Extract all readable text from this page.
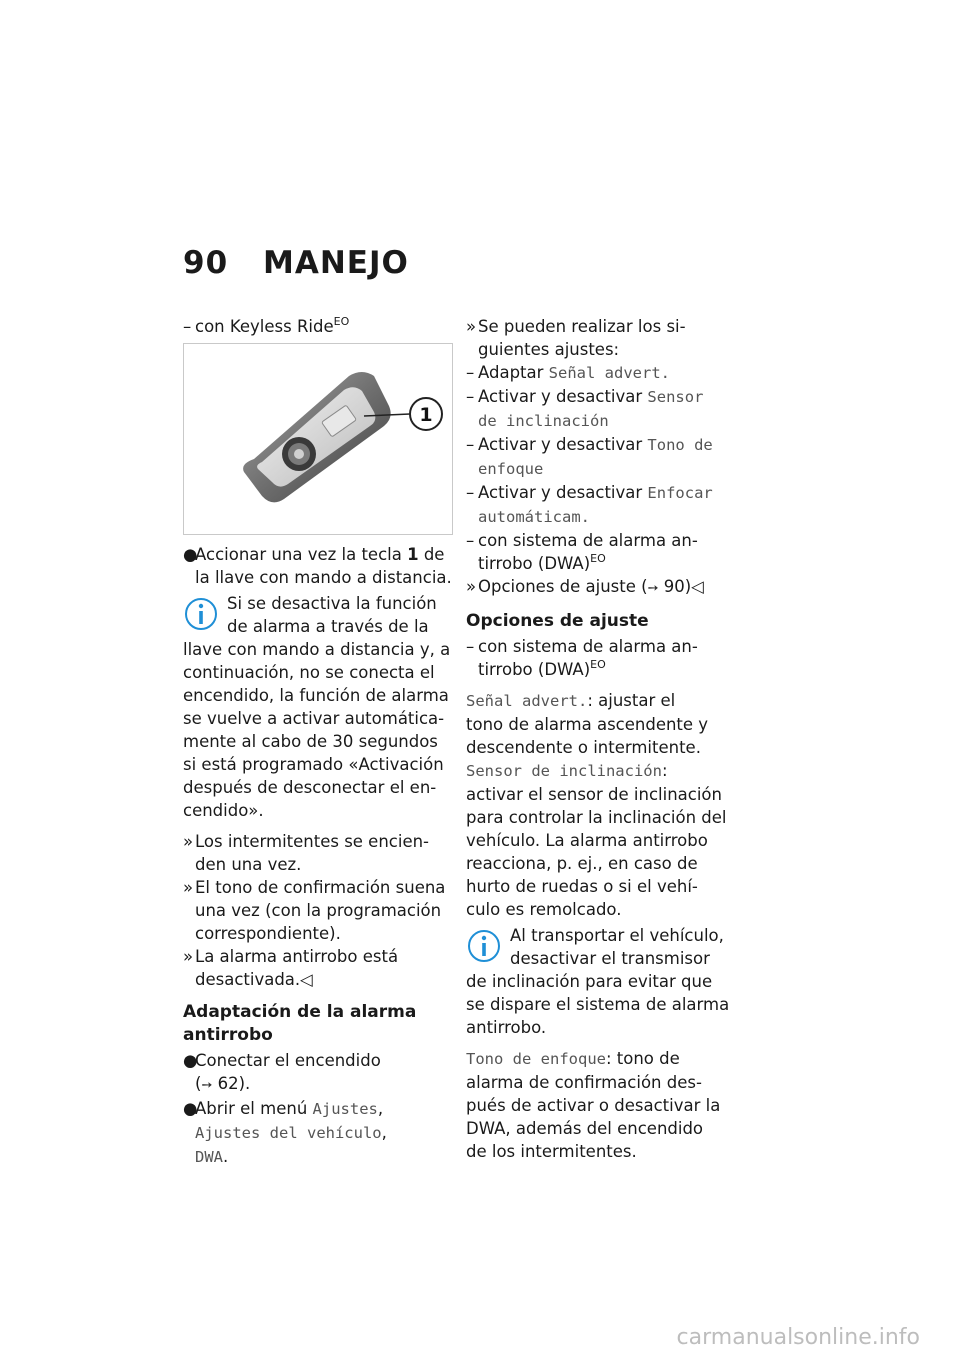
90 MANEJO
– con Keyless Ride$^{EO}$
1
●
Accionar una vez la tecla 1 de
la llave con mando a distancia.
Si se desactiva la función
de alarma a través de la
llave con mando a distancia y, a
continuación, no se conecta el
encendido, la función de alarma
se vuelve a activar automática-
mente al cabo de 30 segundos
si está programado «Activación
después de desconectar el en-
cendido».
» Los intermitentes se encien-
den una vez.
» El tono de confirmación suena
una vez (con la programación
correspondiente).
» La alarma antirrobo está
desactivada.◁
Adaptación de la alarma
antirrobo
●
Conectar el encendido
(➙ 62).
●
Abrir el menú Ajustes,
Ajustes del vehículo,
DWA.
» Se pueden realizar los si-
guientes ajustes:
– Adaptar Señal advert.
– Activar y desactivar Sensor
de inclinación
– Activar y desactivar Tono de
enfoque
– Activar y desactivar Enfocar
automáticam.
– con sistema de alarma an-
tirrobo (DWA)$^{EO}$
» Opciones de ajuste (➙ 90)◁
Opciones de ajuste
– con sistema de alarma an-
tirrobo (DWA)$^{EO}$
Señal advert.: ajustar el
tono de alarma ascendente y
descendente o intermitente.
Sensor de inclinación:
activar el sensor de inclinación
para controlar la inclinación del
vehículo. La alarma antirrobo
reacciona, p. ej., en caso de
hurto de ruedas o si el vehí-
culo es remolcado.
Al transportar el vehículo,
desactivar el transmisor
de inclinación para evitar que
se dispare el sistema de alarma
antirrobo.
Tono de enfoque: tono de
alarma de confirmación des-
pués de activar o desactivar la
DWA, además del encendido
de los intermitentes.
carmanualsonline.info
